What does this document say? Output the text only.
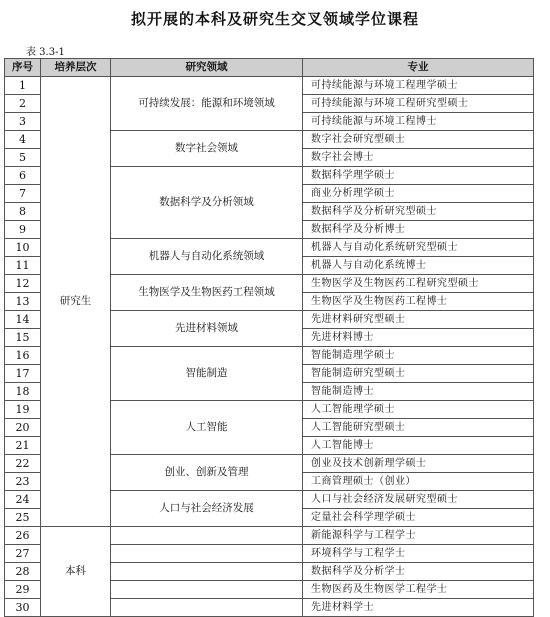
拟开展的本科及研究生交叉领域学位课程
表 3.3-1
序号	培养层次	研究领域	专业
1	研究生	可持续发展：能源和环境领域	可持续能源与环境工程理学硕士
2			可持续能源与环境工程研究型硕士
3			可持续能源与环境工程博士
4		数字社会领域	数字社会研究型硕士
5			数字社会博士
6		数据科学及分析领域	数据科学理学硕士
7			商业分析理学硕士
8			数据科学及分析研究型硕士
9			数据科学及分析博士
10		机器人与自动化系统领域	机器人与自动化系统研究型硕士
11			机器人与自动化系统博士
12		生物医学及生物医药工程领域	生物医学及生物医药工程研究型硕士
13			生物医学及生物医药工程博士
14		先进材料领域	先进材料研究型硕士
15			先进材料博士
16		智能制造	智能制造理学硕士
17			智能制造研究型硕士
18			智能制造博士
19		人工智能	人工智能理学硕士
20			人工智能研究型硕士
21			人工智能博士
22		创业、创新及管理	创业及技术创新理学硕士
23			工商管理硕士（创业）
24		人口与社会经济发展	人口与社会经济发展研究型硕士
25			定量社会科学理学硕士
26	本科		新能源科学与工程学士
27			环境科学与工程学士
28			数据科学及分析学士
29			生物医药及生物医学工程学士
30			先进材料学士
